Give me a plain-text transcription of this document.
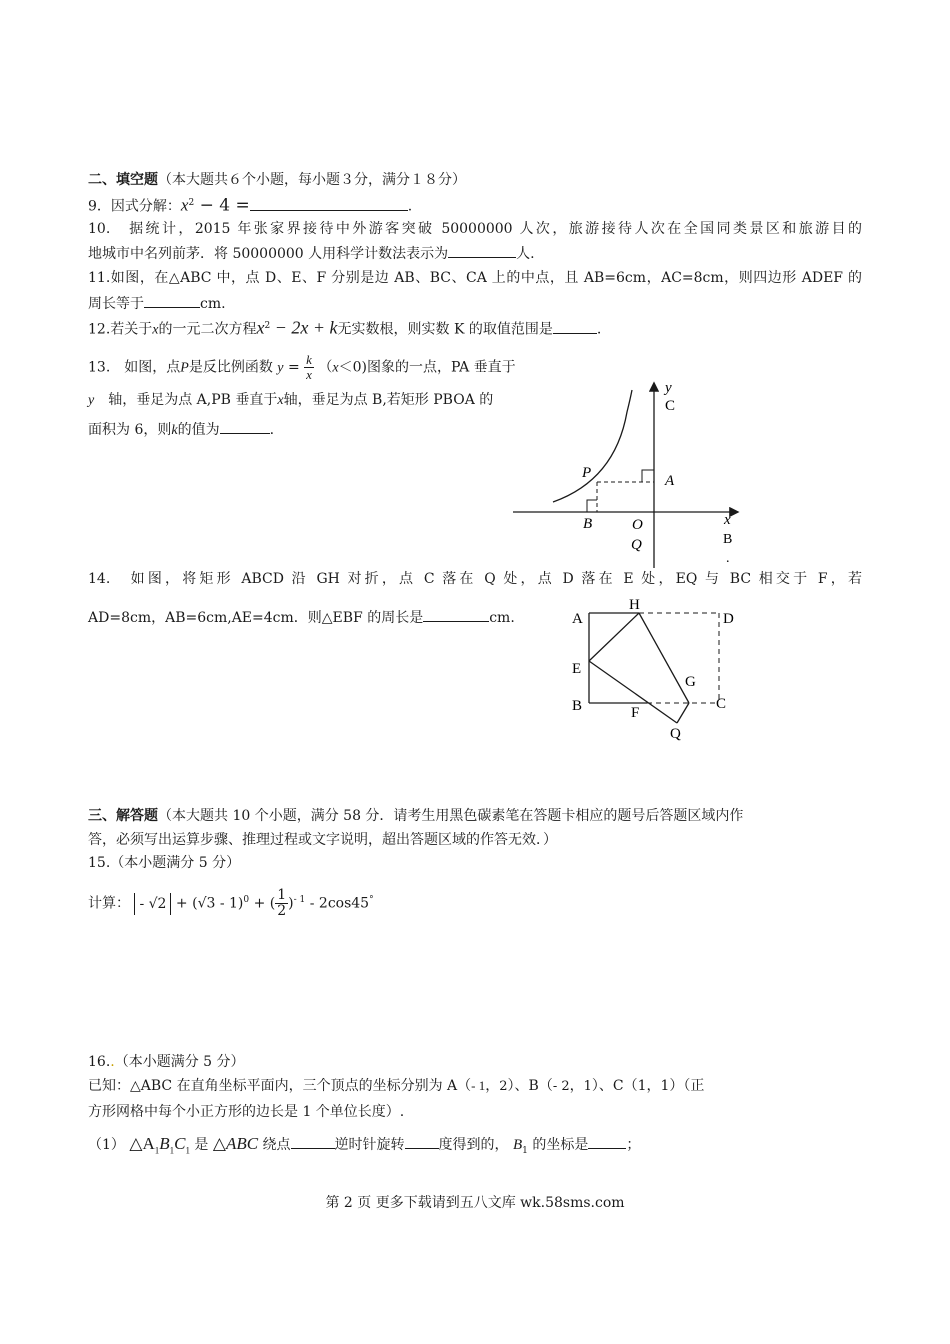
二、填空题（本大题共６个小题，每小题３分，满分１８分）
9．因式分解：$x^2 - 4$ =	.
10.　据统计，2015 年张家界接待中外游客突破 50000000 人次，旅游接待人次在全国同类景区和旅游目的
地城市中名列前茅．将 50000000 人用科学计数法表示为	人.
11.如图，在△ABC 中，点 D、E、F 分别是边 AB、BC、CA 上的中点，且 AB=6cm，AC=8cm，则四边形 ADEF 的
周长等于	cm.
12.若关于x的一元二次方程$x^2 - 2x + k$无实数根，则实数 K 的取值范围是	.
13.　如图，点P是反比例函数 $y = \frac{k}{x} (x<0)$图象的一点，PA 垂直于
y　轴，垂足为点 A,PB 垂直于x轴，垂足为点 B,若矩形 PBOA 的
面积为 6，则k的值为	.
y
C
P	A
x
B	O
Q	B
.
14.　如图，将矩形 ABCD 沿 GH 对折，点 C 落在 Q 处，点 D 落在 E 处，EQ 与 BC 相交于 F，若
AD=8cm，AB=6cm,AE=4cm．则△EBF 的周长是	cm.	A
H
D
E
G
B	F
C
Q
三、解答题（本大题共 10 个小题，满分 58 分．请考生用黑色碳素笔在答题卡相应的题号后答题区域内作
答，必须写出运算步骤、推理过程或文字说明，超出答题区域的作答无效．）
15.（本小题满分 5 分）
计算： - √2 + (√3 - 1)$^0$ + ( $\frac{1}{2} )^{- 1} - 2\cos 45^\circ$
16..（本小题满分 5 分）
已知：△ABC 在直角坐标平面内，三个顶点的坐标分别为 A（- 1，2）、B（- 2，1）、C（1，1）（正
方形网格中每个小正方形的边长是 1 个单位长度）.
（1） $\triangle A_1B_1C_1$ 是 △ABC 绕点	逆时针旋转 度得到的， $B_1$ 的坐标是	；
第 2 页 更多下载请到五八文库 wk.58sms.com
